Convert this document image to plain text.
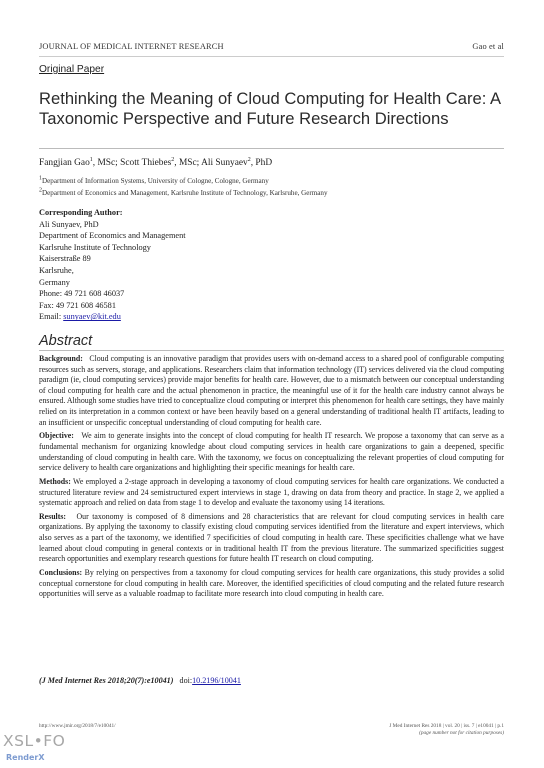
JOURNAL OF MEDICAL INTERNET RESEARCH	Gao et al
Original Paper
Rethinking the Meaning of Cloud Computing for Health Care: A Taxonomic Perspective and Future Research Directions
Fangjian Gao$^1$, MSc; Scott Thiebes$^2$, MSc; Ali Sunyaev$^2$, PhD
$^1$Department of Information Systems, University of Cologne, Cologne, Germany
$^2$Department of Economics and Management, Karlsruhe Institute of Technology, Karlsruhe, Germany
Corresponding Author:
Ali Sunyaev, PhD
Department of Economics and Management
Karlsruhe Institute of Technology
Kaiserstraße 89
Karlsruhe,
Germany
Phone: 49 721 608 46037
Fax: 49 721 608 46581
Email: sunyaev@kit.edu
Abstract

Background: Cloud computing is an innovative paradigm that provides users with on-demand access to a shared pool of configurable computing resources such as servers, storage, and applications. Researchers claim that information technology (IT) services delivered via the cloud computing paradigm (ie, cloud computing services) provide major benefits for health care. However, due to a mismatch between our conceptual understanding of cloud computing for health care and the actual phenomenon in practice, the meaningful use of it for the health care industry cannot always be ensured. Although some studies have tried to conceptualize cloud computing or interpret this phenomenon for health care settings, they have mainly relied on its interpretation in a common context or have been heavily based on a general understanding of traditional health IT artifacts, leading to an insufficient or unspecific conceptual understanding of cloud computing for health care.

Objective: We aim to generate insights into the concept of cloud computing for health IT research. We propose a taxonomy that can serve as a fundamental mechanism for organizing knowledge about cloud computing services in health care organizations to gain a deepened, specific understanding of cloud computing in health care. With the taxonomy, we focus on conceptualizing the relevant properties of cloud computing for service delivery to health care organizations and highlighting their specific meanings for health care.

Methods: We employed a 2-stage approach in developing a taxonomy of cloud computing services for health care organizations. We conducted a structured literature review and 24 semistructured expert interviews in stage 1, drawing on data from theory and practice. In stage 2, we applied a systematic approach and relied on data from stage 1 to develop and evaluate the taxonomy using 14 iterations.

Results: Our taxonomy is composed of 8 dimensions and 28 characteristics that are relevant for cloud computing services in health care organizations. By applying the taxonomy to classify existing cloud computing services identified from the literature and expert interviews, which also serves as a part of the taxonomy, we identified 7 specificities of cloud computing in health care. These specificities challenge what we have learned about cloud computing in general contexts or in traditional health IT from the previous literature. The summarized specificities suggest research opportunities and exemplary research questions for future health IT research on cloud computing.

Conclusions: By relying on perspectives from a taxonomy for cloud computing services for health care organizations, this study provides a solid conceptual cornerstone for cloud computing in health care. Moreover, the identified specificities of cloud computing and the related future research opportunities will serve as a valuable roadmap to facilitate more research into cloud computing in health care.

(J Med Internet Res 2018;20(7):e10041) doi:10.2196/10041
http://www.jmir.org/2018/7/e10041/	J Med Internet Res 2018 | vol. 20 | iss. 7 | e10041 | p.1
(page number not for citation purposes)
XSL•FO
RenderX
